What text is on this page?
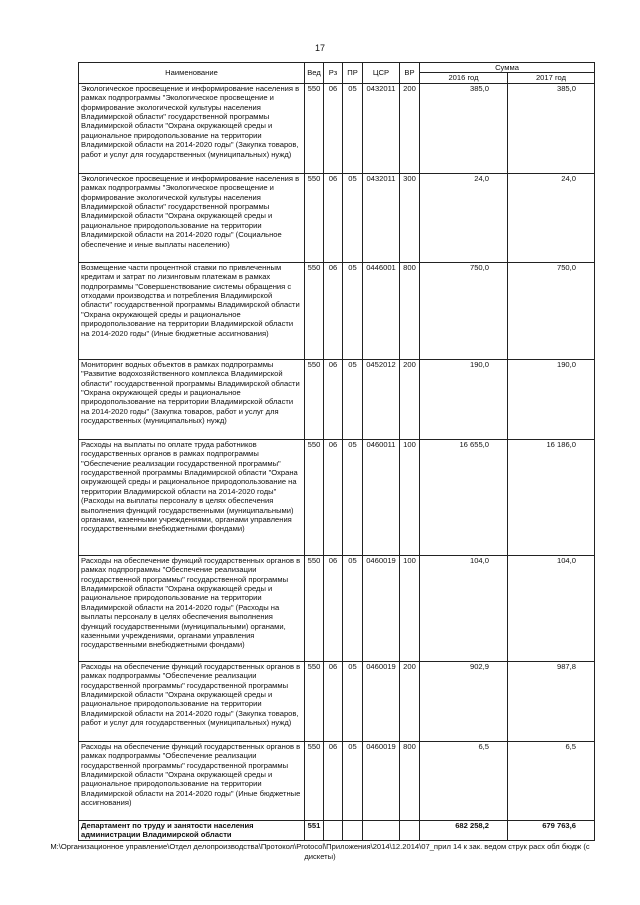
17
Наименование	Вед	Рз	ПР	ЦСР	ВР	Сумма	
						2016 год	2017 год
Экологическое просвещение и информирование населения в рамках подпрограммы "Экологическое просвещение и формирование экологической культуры населения Владимирской области" государственной программы Владимирской области "Охрана окружающей среды и рациональное природопользование на территории Владимирской области на 2014-2020 годы" (Закупка товаров, работ и услуг для государственных (муниципальных) нужд)	550	06	05	0432011	200	385,0	385,0
Экологическое просвещение и информирование населения в рамках подпрограммы "Экологическое просвещение и формирование экологической культуры населения Владимирской области" государственной программы Владимирской области "Охрана окружающей среды и рациональное природопользование на территории Владимирской области на 2014-2020 годы" (Социальное обеспечение и иные выплаты населению)	550	06	05	0432011	300	24,0	24,0
Возмещение части процентной ставки по привлеченным кредитам и затрат по лизинговым платежам в рамках подпрограммы "Совершенствование системы обращения с отходами производства и потребления Владимирской области" государственной программы Владимирской области "Охрана окружающей среды и рациональное природопользование на территории Владимирской области на 2014-2020 годы" (Иные бюджетные ассигнования)	550	06	05	0446001	800	750,0	750,0
Мониторинг водных объектов в рамках подпрограммы "Развитие водохозяйственного комплекса Владимирской области" государственной программы Владимирской области "Охрана окружающей среды и рациональное природопользование на территории Владимирской области на 2014-2020 годы" (Закупка товаров, работ и услуг для государственных (муниципальных) нужд)	550	06	05	0452012	200	190,0	190,0
Расходы на выплаты по оплате труда работников государственных органов в рамках подпрограммы "Обеспечение реализации государственной программы" государственной программы Владимирской области "Охрана окружающей среды и рациональное природопользование на территории Владимирской области на 2014-2020 годы" (Расходы на выплаты персоналу в целях обеспечения выполнения функций государственными (муниципальными) органами, казенными учреждениями, органами управления государственными внебюджетными фондами)	550	06	05	0460011	100	16 655,0	16 186,0
Расходы на обеспечение функций государственных органов в рамках подпрограммы "Обеспечение реализации государственной программы" государственной программы Владимирской области "Охрана окружающей среды и рациональное природопользование на территории Владимирской области на 2014-2020 годы" (Расходы на выплаты персоналу в целях обеспечения выполнения функций государственными (муниципальными) органами, казенными учреждениями, органами управления государственными внебюджетными фондами)	550	06	05	0460019	100	104,0	104,0
Расходы на обеспечение функций государственных органов в рамках подпрограммы "Обеспечение реализации государственной программы" государственной программы Владимирской области "Охрана окружающей среды и рациональное природопользование на территории Владимирской области на 2014-2020 годы" (Закупка товаров, работ и услуг для государственных (муниципальных) нужд)	550	06	05	0460019	200	902,9	987,8
Расходы на обеспечение функций государственных органов в рамках подпрограммы "Обеспечение реализации государственной программы" государственной программы Владимирской области "Охрана окружающей среды и рациональное природопользование на территории Владимирской области на 2014-2020 годы" (Иные бюджетные ассигнования)	550	06	05	0460019	800	6,5	6,5
Департамент по труду и занятости населения администрации Владимирской области	551					682 258,2	679 763,6
M:\Организационное управление\Отдел делопроизводства\Протокол\Protocol\Приложения\2014\12.2014\07_прил 14 к зак. ведом струк расх обл бюдж (с дискеты)
